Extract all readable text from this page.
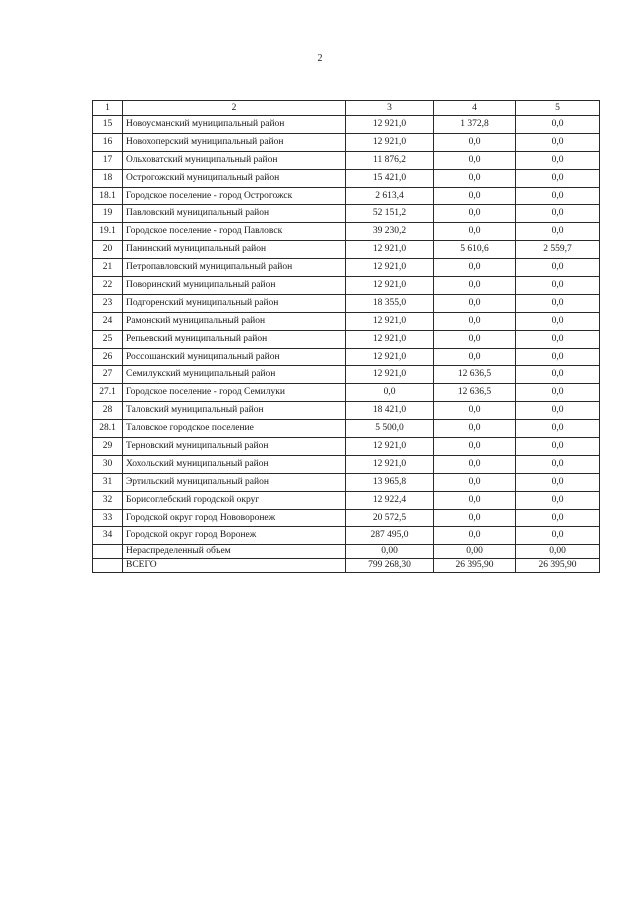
2
1	2	3	4	5
15	Новоусманский муниципальный район	12 921,0	1 372,8	0,0
16	Новохоперский муниципальный район	12 921,0	0,0	0,0
17	Ольховатский муниципальный район	11 876,2	0,0	0,0
18	Острогожский муниципальный район	15 421,0	0,0	0,0
18.1	Городское поселение - город Острогожск	2 613,4	0,0	0,0
19	Павловский муниципальный район	52 151,2	0,0	0,0
19.1	Городское поселение - город Павловск	39 230,2	0,0	0,0
20	Панинский муниципальный район	12 921,0	5 610,6	2 559,7
21	Петропавловский муниципальный район	12 921,0	0,0	0,0
22	Поворинский муниципальный район	12 921,0	0,0	0,0
23	Подгоренский муниципальный район	18 355,0	0,0	0,0
24	Рамонский муниципальный район	12 921,0	0,0	0,0
25	Репьевский муниципальный район	12 921,0	0,0	0,0
26	Россошанский муниципальный район	12 921,0	0,0	0,0
27	Семилукский муниципальный район	12 921,0	12 636,5	0,0
27.1	Городское поселение - город Семилуки	0,0	12 636,5	0,0
28	Таловский муниципальный район	18 421,0	0,0	0,0
28.1	Таловское городское поселение	5 500,0	0,0	0,0
29	Терновский муниципальный район	12 921,0	0,0	0,0
30	Хохольский муниципальный район	12 921,0	0,0	0,0
31	Эртильский муниципальный район	13 965,8	0,0	0,0
32	Борисоглебский городской округ	12 922,4	0,0	0,0
33	Городской округ город Нововоронеж	20 572,5	0,0	0,0
34	Городской округ город Воронеж	287 495,0	0,0	0,0
	Нераспределенный объем	0,00	0,00	0,00
	ВСЕГО	799 268,30	26 395,90	26 395,90
